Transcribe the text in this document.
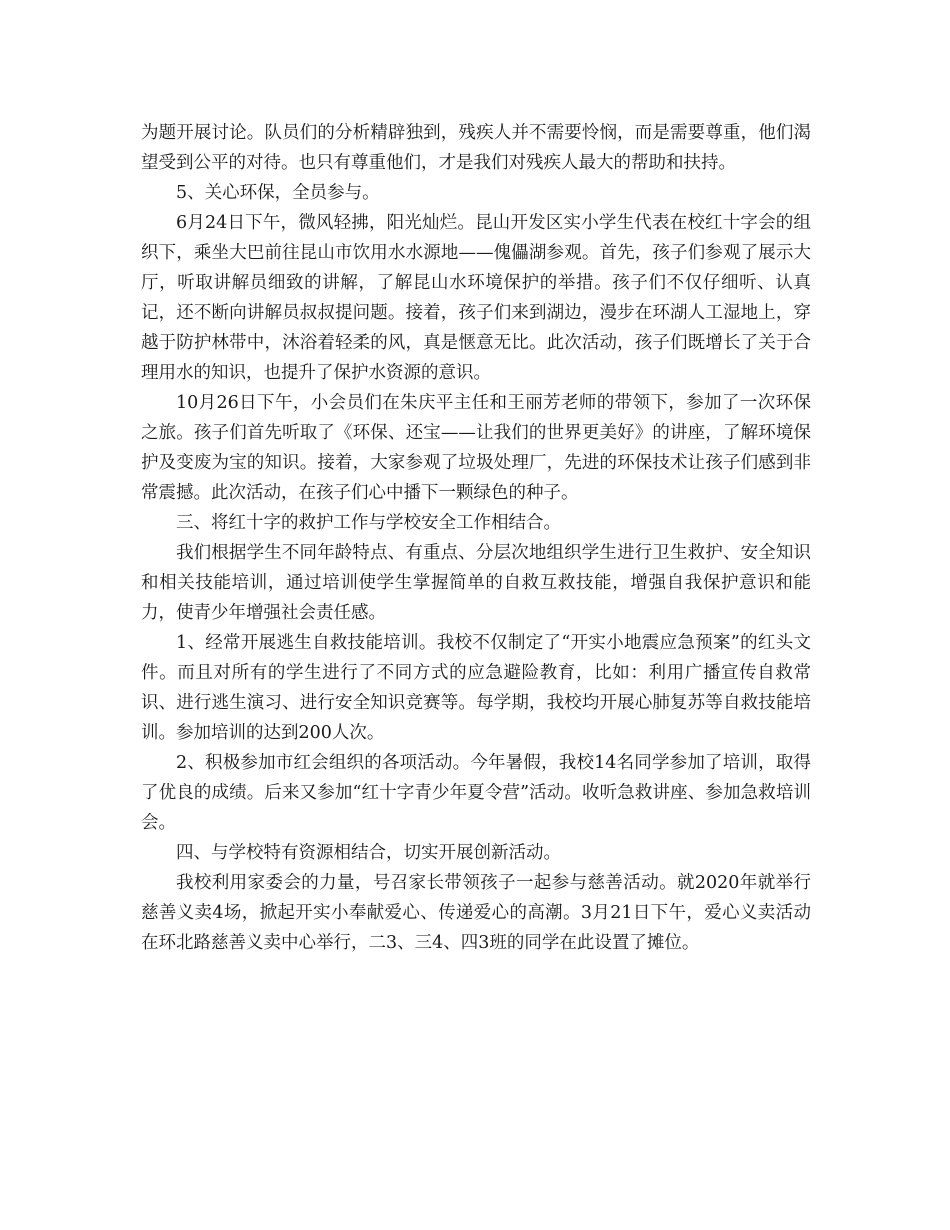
为题开展讨论。队员们的分析精辟独到，残疾人并不需要怜悯，而是需要尊重，他们渴望受到公平的对待。也只有尊重他们，才是我们对残疾人最大的帮助和扶持。

5、关心环保，全员参与。

6月24日下午，微风轻拂，阳光灿烂。昆山开发区实小学生代表在校红十字会的组织下，乘坐大巴前往昆山市饮用水水源地——傀儡湖参观。首先，孩子们参观了展示大厅，听取讲解员细致的讲解，了解昆山水环境保护的举措。孩子们不仅仔细听、认真记，还不断向讲解员叔叔提问题。接着，孩子们来到湖边，漫步在环湖人工湿地上，穿越于防护林带中，沐浴着轻柔的风，真是惬意无比。此次活动，孩子们既增长了关于合理用水的知识，也提升了保护水资源的意识。

10月26日下午，小会员们在朱庆平主任和王丽芳老师的带领下，参加了一次环保之旅。孩子们首先听取了《环保、还宝——让我们的世界更美好》的讲座，了解环境保护及变废为宝的知识。接着，大家参观了垃圾处理厂，先进的环保技术让孩子们感到非常震撼。此次活动，在孩子们心中播下一颗绿色的种子。

三、将红十字的救护工作与学校安全工作相结合。

我们根据学生不同年龄特点、有重点、分层次地组织学生进行卫生救护、安全知识和相关技能培训，通过培训使学生掌握简单的自救互救技能，增强自我保护意识和能力，使青少年增强社会责任感。

1、经常开展逃生自救技能培训。我校不仅制定了“开实小地震应急预案”的红头文件。而且对所有的学生进行了不同方式的应急避险教育，比如：利用广播宣传自救常识、进行逃生演习、进行安全知识竞赛等。每学期，我校均开展心肺复苏等自救技能培训。参加培训的达到200人次。

2、积极参加市红会组织的各项活动。今年暑假，我校14名同学参加了培训，取得了优良的成绩。后来又参加“红十字青少年夏令营”活动。收听急救讲座、参加急救培训会。

四、与学校特有资源相结合，切实开展创新活动。

我校利用家委会的力量，号召家长带领孩子一起参与慈善活动。就2020年就举行慈善义卖4场，掀起开实小奉献爱心、传递爱心的高潮。3月21日下午，爱心义卖活动在环北路慈善义卖中心举行，二3、三4、四3班的同学在此设置了摊位。
